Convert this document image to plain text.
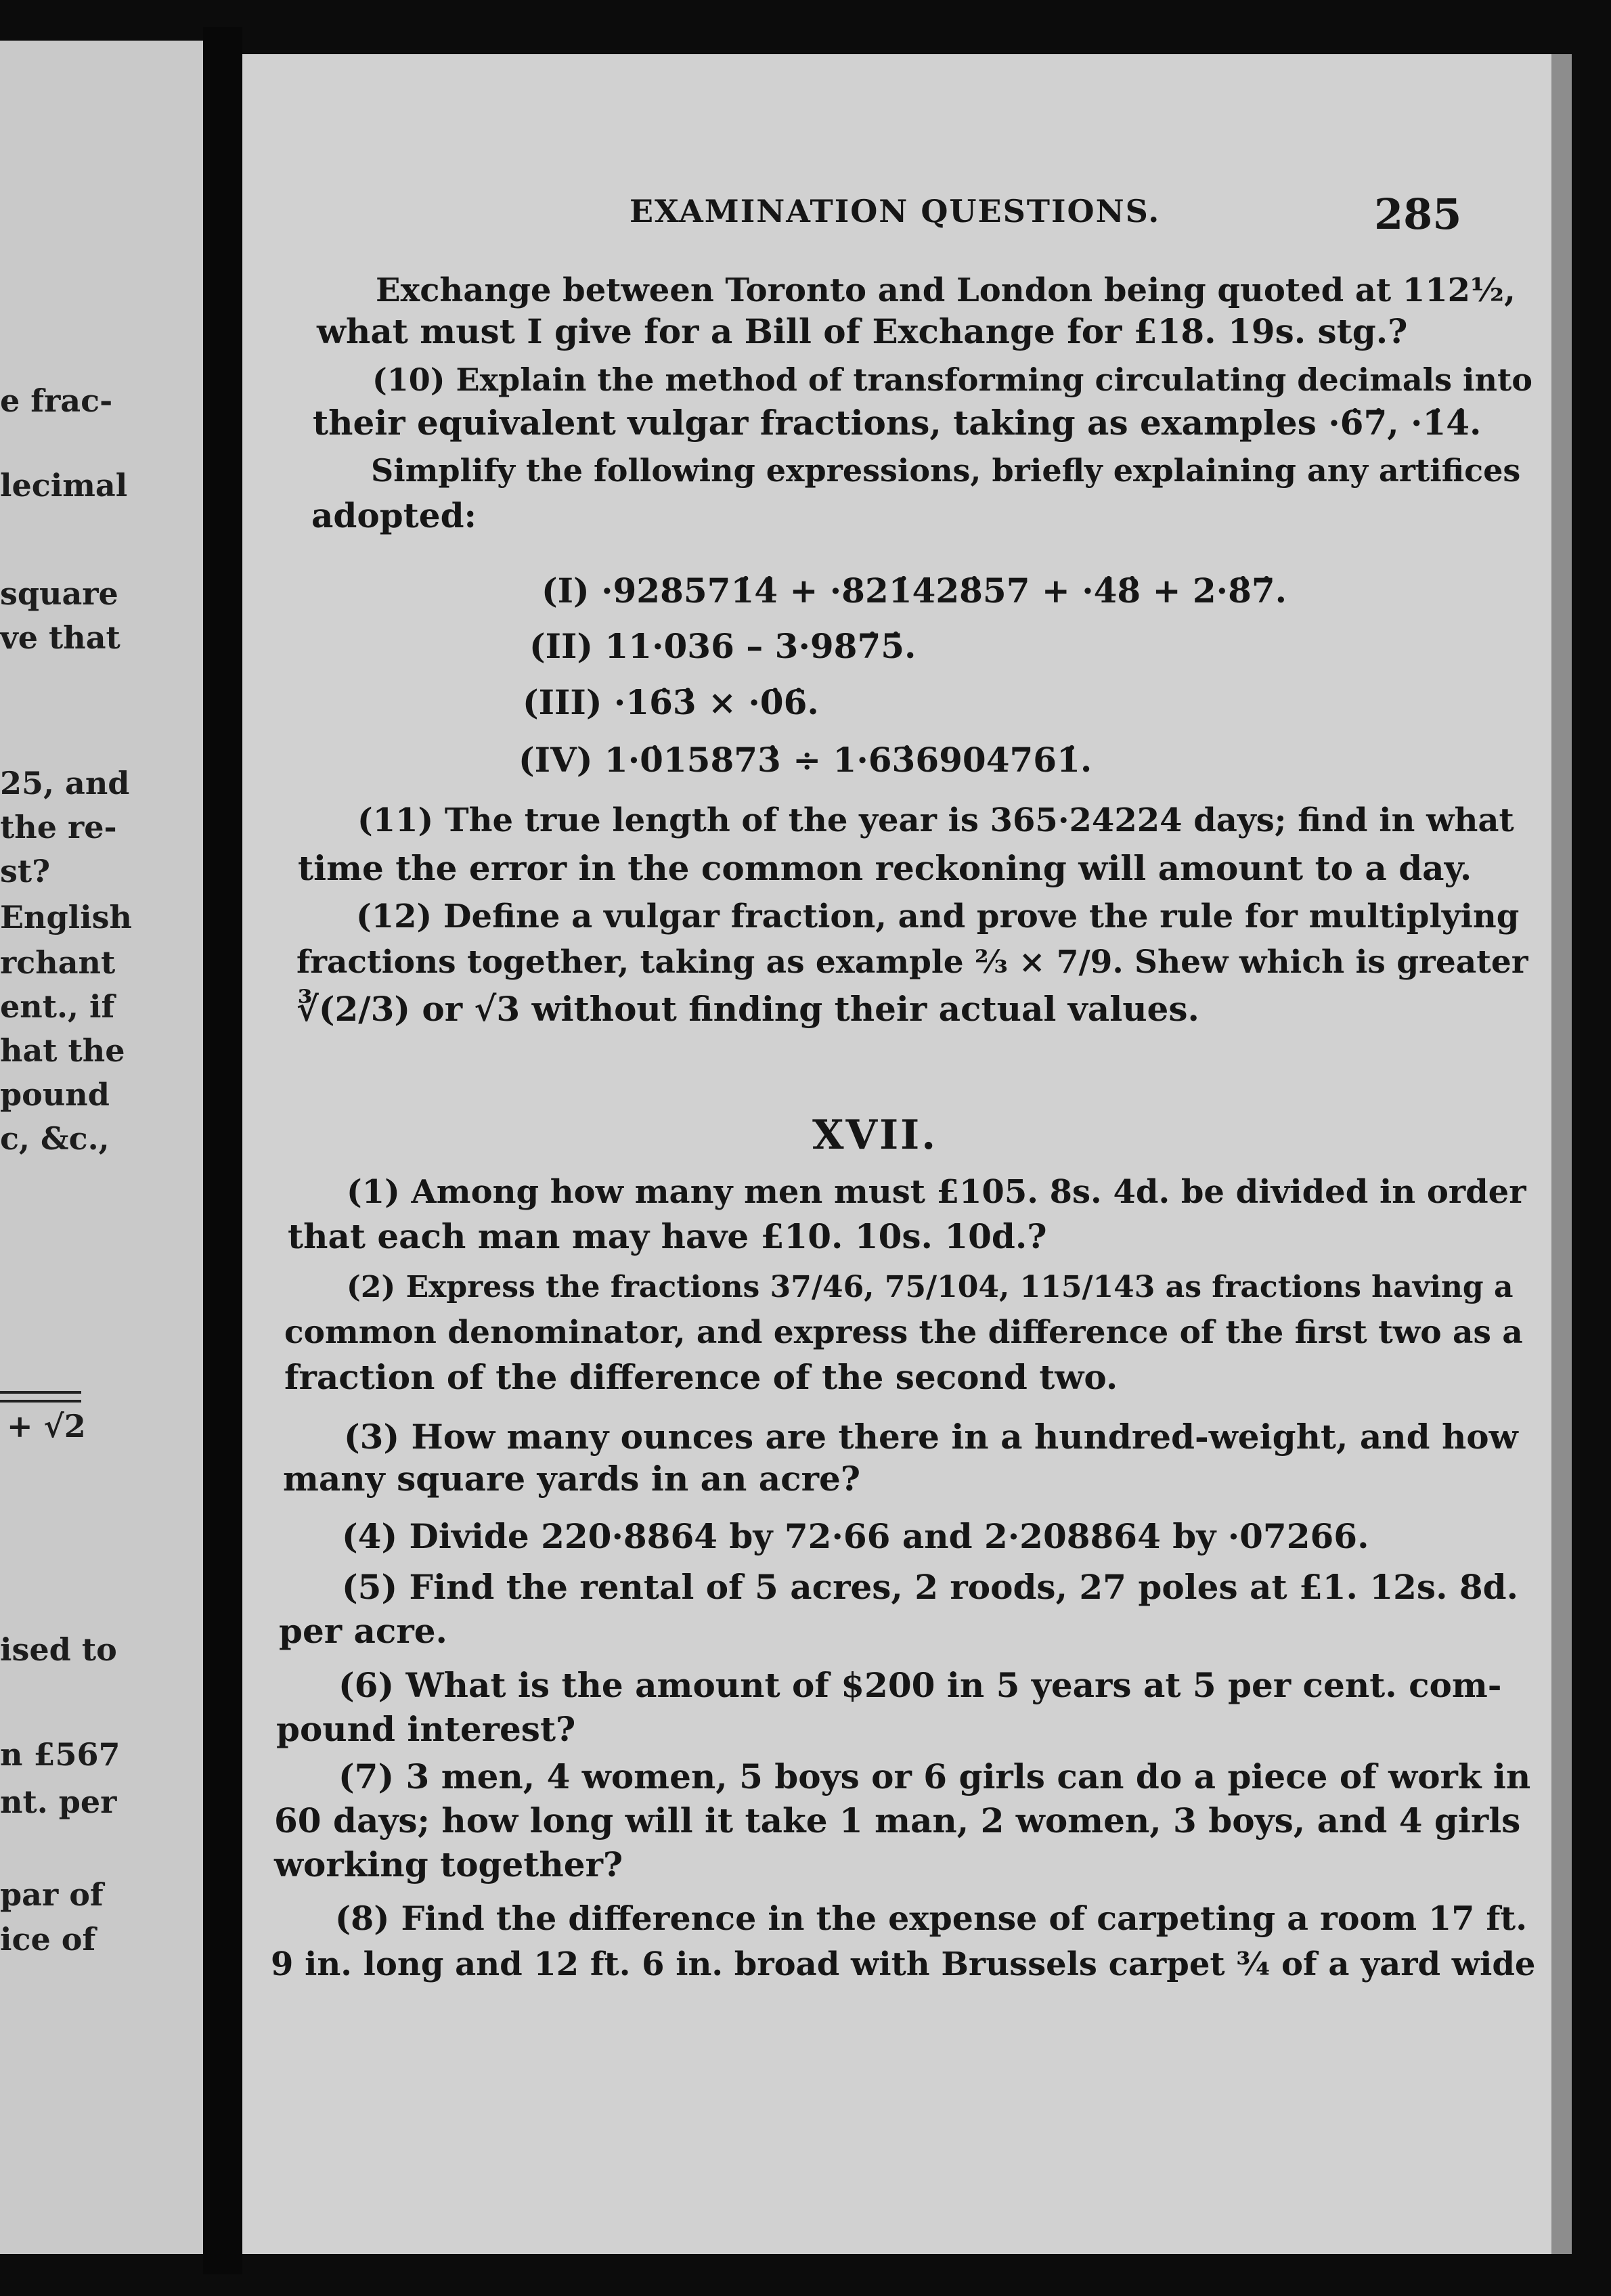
e frac-
lecimal
square
ve that
25, and
the re-
st?
English
rchant
ent., if
hat the
pound
c, &c.,
+ √2
ised to
n £567
nt. per
par of
ice of
EXAMINATION QUESTIONS.	285
Exchange between Toronto and London being quoted at 112½,
what must I give for a Bill of Exchange for £18. 19s. stg.?
(10) Explain the method of transforming circulating decimals into
their equivalent vulgar fractions, taking as examples ·6̇7̇, ·1̇4̇.
Simplify the following expressions, briefly explaining any artifices
adopted:
(I) ·928571̇4̇ + ·821̇428̇57 + ·4̇8̇ + 2·8̇7̇.
(II) 11·036 – 3·987̇5̇.
(III) ·16̇3̇ × ·0̇6̇.
(IV) 1·0̇15873̇ ÷ 1·63̇6904761̇.
(11) The true length of the year is 365·24224 days; find in what
time the error in the common reckoning will amount to a day.
(12) Define a vulgar fraction, and prove the rule for multiplying
fractions together, taking as example ⅔ × 7/9. Shew which is greater
∛(2/3) or √3 without finding their actual values.
XVII.
(1) Among how many men must £105. 8s. 4d. be divided in order
that each man may have £10. 10s. 10d.?
(2) Express the fractions 37/46, 75/104, 115/143 as fractions having a
common denominator, and express the difference of the first two as a
fraction of the difference of the second two.
(3) How many ounces are there in a hundred-weight, and how
many square yards in an acre?
(4) Divide 220·8864 by 72·66 and 2·208864 by ·07266.
(5) Find the rental of 5 acres, 2 roods, 27 poles at £1. 12s. 8d.
per acre.
(6) What is the amount of $200 in 5 years at 5 per cent. com-
pound interest?
(7) 3 men, 4 women, 5 boys or 6 girls can do a piece of work in
60 days; how long will it take 1 man, 2 women, 3 boys, and 4 girls
working together?
(8) Find the difference in the expense of carpeting a room 17 ft.
9 in. long and 12 ft. 6 in. broad with Brussels carpet ¾ of a yard wide
